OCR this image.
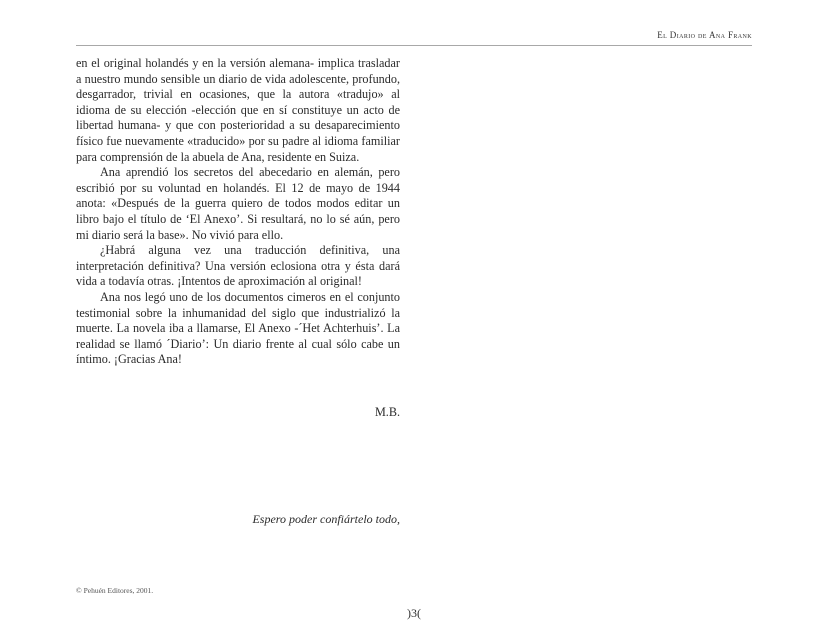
El Diario de Ana Frank

en el original holandés y en la versión alemana- implica trasladar a nuestro mundo sensible un diario de vida adolescente, profundo, desgarrador, trivial en ocasiones, que la autora «tradujo» al idioma de su elección -elección que en sí constituye un acto de libertad humana- y que con posterioridad a su desaparecimiento físico fue nuevamente «traducido» por su padre al idioma familiar para comprensión de la abuela de Ana, residente en Suiza.

Ana aprendió los secretos del abecedario en alemán, pero escribió por su voluntad en holandés. El 12 de mayo de 1944 anota: «Después de la guerra quiero de todos modos editar un libro bajo el título de ‘El Anexo’. Si resultará, no lo sé aún, pero mi diario será la base». No vivió para ello.

¿Habrá alguna vez una traducción definitiva, una interpretación definitiva? Una versión eclosiona otra y ésta dará vida a todavía otras. ¡Intentos de aproximación al original!

Ana nos legó uno de los documentos cimeros en el conjunto testimonial sobre la inhumanidad del siglo que industrializó la muerte. La novela iba a llamarse, El Anexo -´Het Achterhuis’. La realidad se llamó ´Diario’: Un diario frente al cual sólo cabe un íntimo. ¡Gracias Ana!

M.B.
Espero poder confiártelo todo,
© Pehuén Editores, 2001.
)3(
